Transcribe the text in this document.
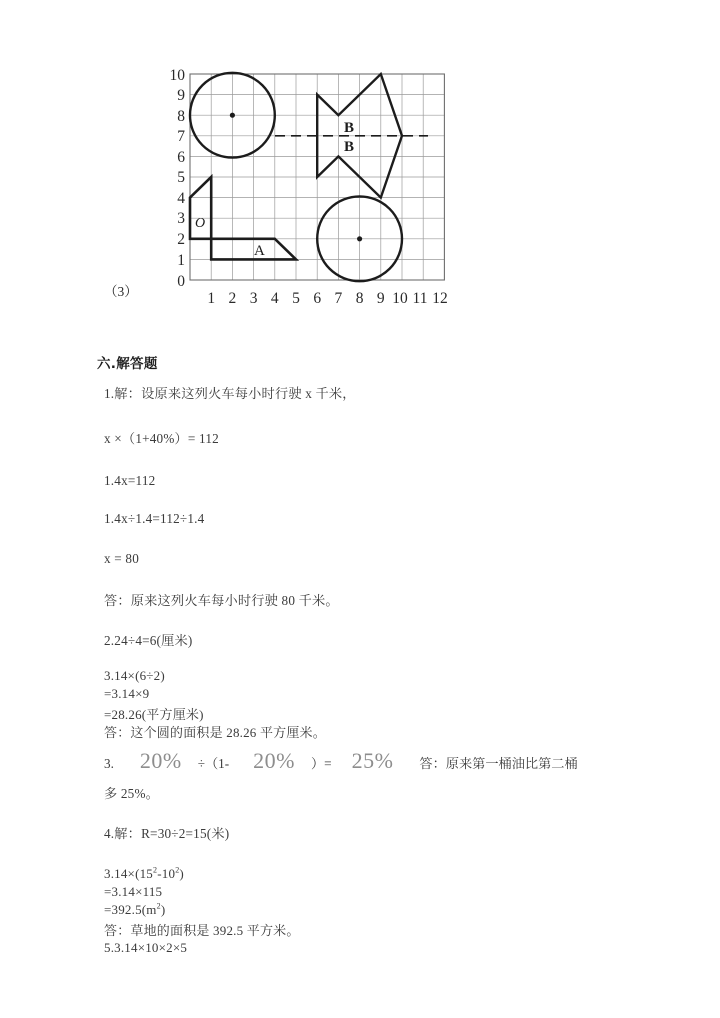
（3）
B
B
O
A
10
9
8
7
6
5
4
3
2
1
0
1 2 3 4 5 6 7 8 9 10 11 12
六.解答题
1.解：设原来这列火车每小时行驶 x 千米，
x ×（1+40%）= 112
1.4x=112
1.4x÷1.4=112÷1.4
x = 80
答：原来这列火车每小时行驶 80 千米。
2.24÷4=6(厘米)
3.14×(6÷2)
=3.14×9
=28.26(平方厘米)
答：这个圆的面积是 28.26 平方厘米。
3. 20% ÷（1- 20% ）= 25% 答：原来第一桶油比第二桶
多 25%。
4.解：R=30÷2=15(米)
$3.14\times(15^2-10^2)$
=3.14×115
$=392.5(m^2)$
答：草地的面积是 392.5 平方米。
5.3.14×10×2×5
